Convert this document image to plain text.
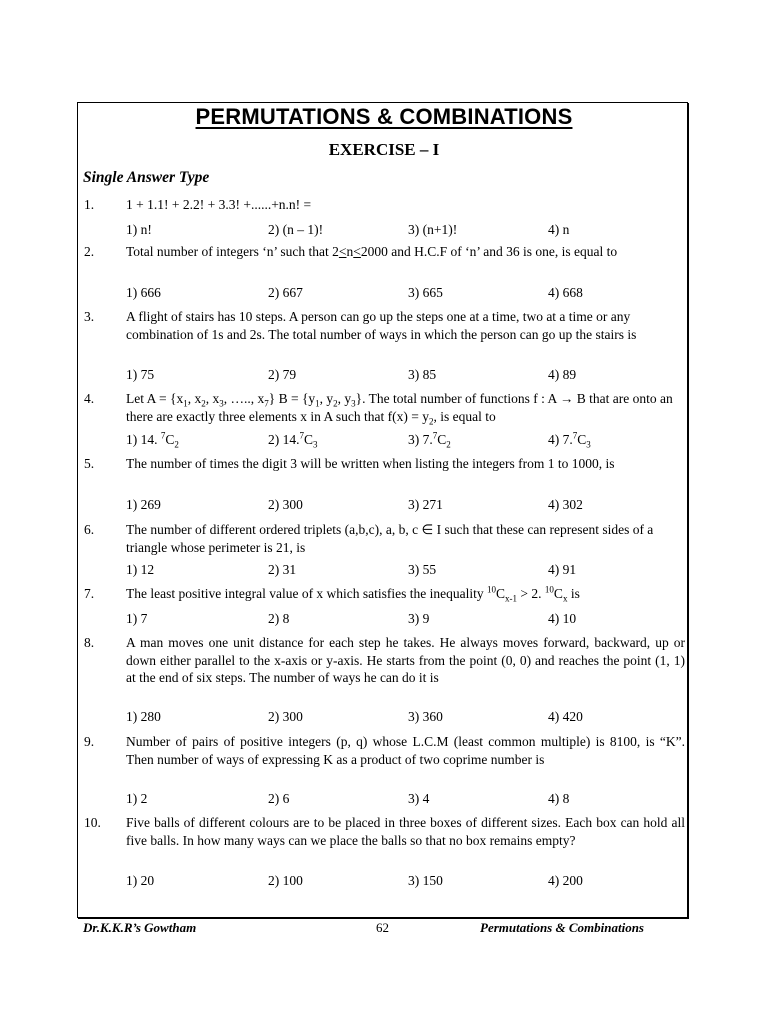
PERMUTATIONS & COMBINATIONS
EXERCISE – I
Single Answer Type
1. 1 + 1.1! + 2.2! + 3.3! +......+n.n! =
1) n!	2) (n – 1)!	3) (n+1)!	4) n
2. Total number of integers ‘n’ such that 2<n<2000 and H.C.F of ‘n’ and 36 is one, is equal to
1) 666	2) 667	3) 665	4) 668
3. A flight of stairs has 10 steps. A person can go up the steps one at a time, two at a time or any combination of 1s and 2s. The total number of ways in which the person can go up the stairs is
1) 75	2) 79	3) 85	4) 89
4. Let $A = \{x_1$, $x_2$, $x_3$, ….., $x_7$} $B = \{y_1$, $y_2$, $y_3$}. The total number of functions f : A → B that are onto an there are exactly three elements x in A such that $f(x) = y_2$, is equal to
1) 14. $^7C_2$	2) $14.^7C_3$	3) $7.^7C_2$	4) $7.^7C_3$
5. The number of times the digit 3 will be written when listing the integers from 1 to 1000, is
1) 269	2) 300	3) 271	4) 302
6. The number of different ordered triplets (a,b,c), a, b, c ∈ I such that these can represent sides of a triangle whose perimeter is 21, is
1) 12	2) 31	3) 55	4) 91
7. The least positive integral value of x which satisfies the inequality $^{10}C_{x-1} > 2$. $^{10}C_x$ is
1) 7	2) 8	3) 9	4) 10
8. A man moves one unit distance for each step he takes. He always moves forward, backward, up or down either parallel to the x-axis or y-axis. He starts from the point (0, 0) and reaches the point (1, 1) at the end of six steps. The number of ways he can do it is
1) 280	2) 300	3) 360	4) 420
9. Number of pairs of positive integers (p, q) whose L.C.M (least common multiple) is 8100, is “K”. Then number of ways of expressing K as a product of two coprime number is
1) 2	2) 6	3) 4	4) 8
10. Five balls of different colours are to be placed in three boxes of different sizes. Each box can hold all five balls. In how many ways can we place the balls so that no box remains empty?
1) 20	2) 100	3) 150	4) 200
Dr.K.K.R’s Gowtham	62	Permutations & Combinations
